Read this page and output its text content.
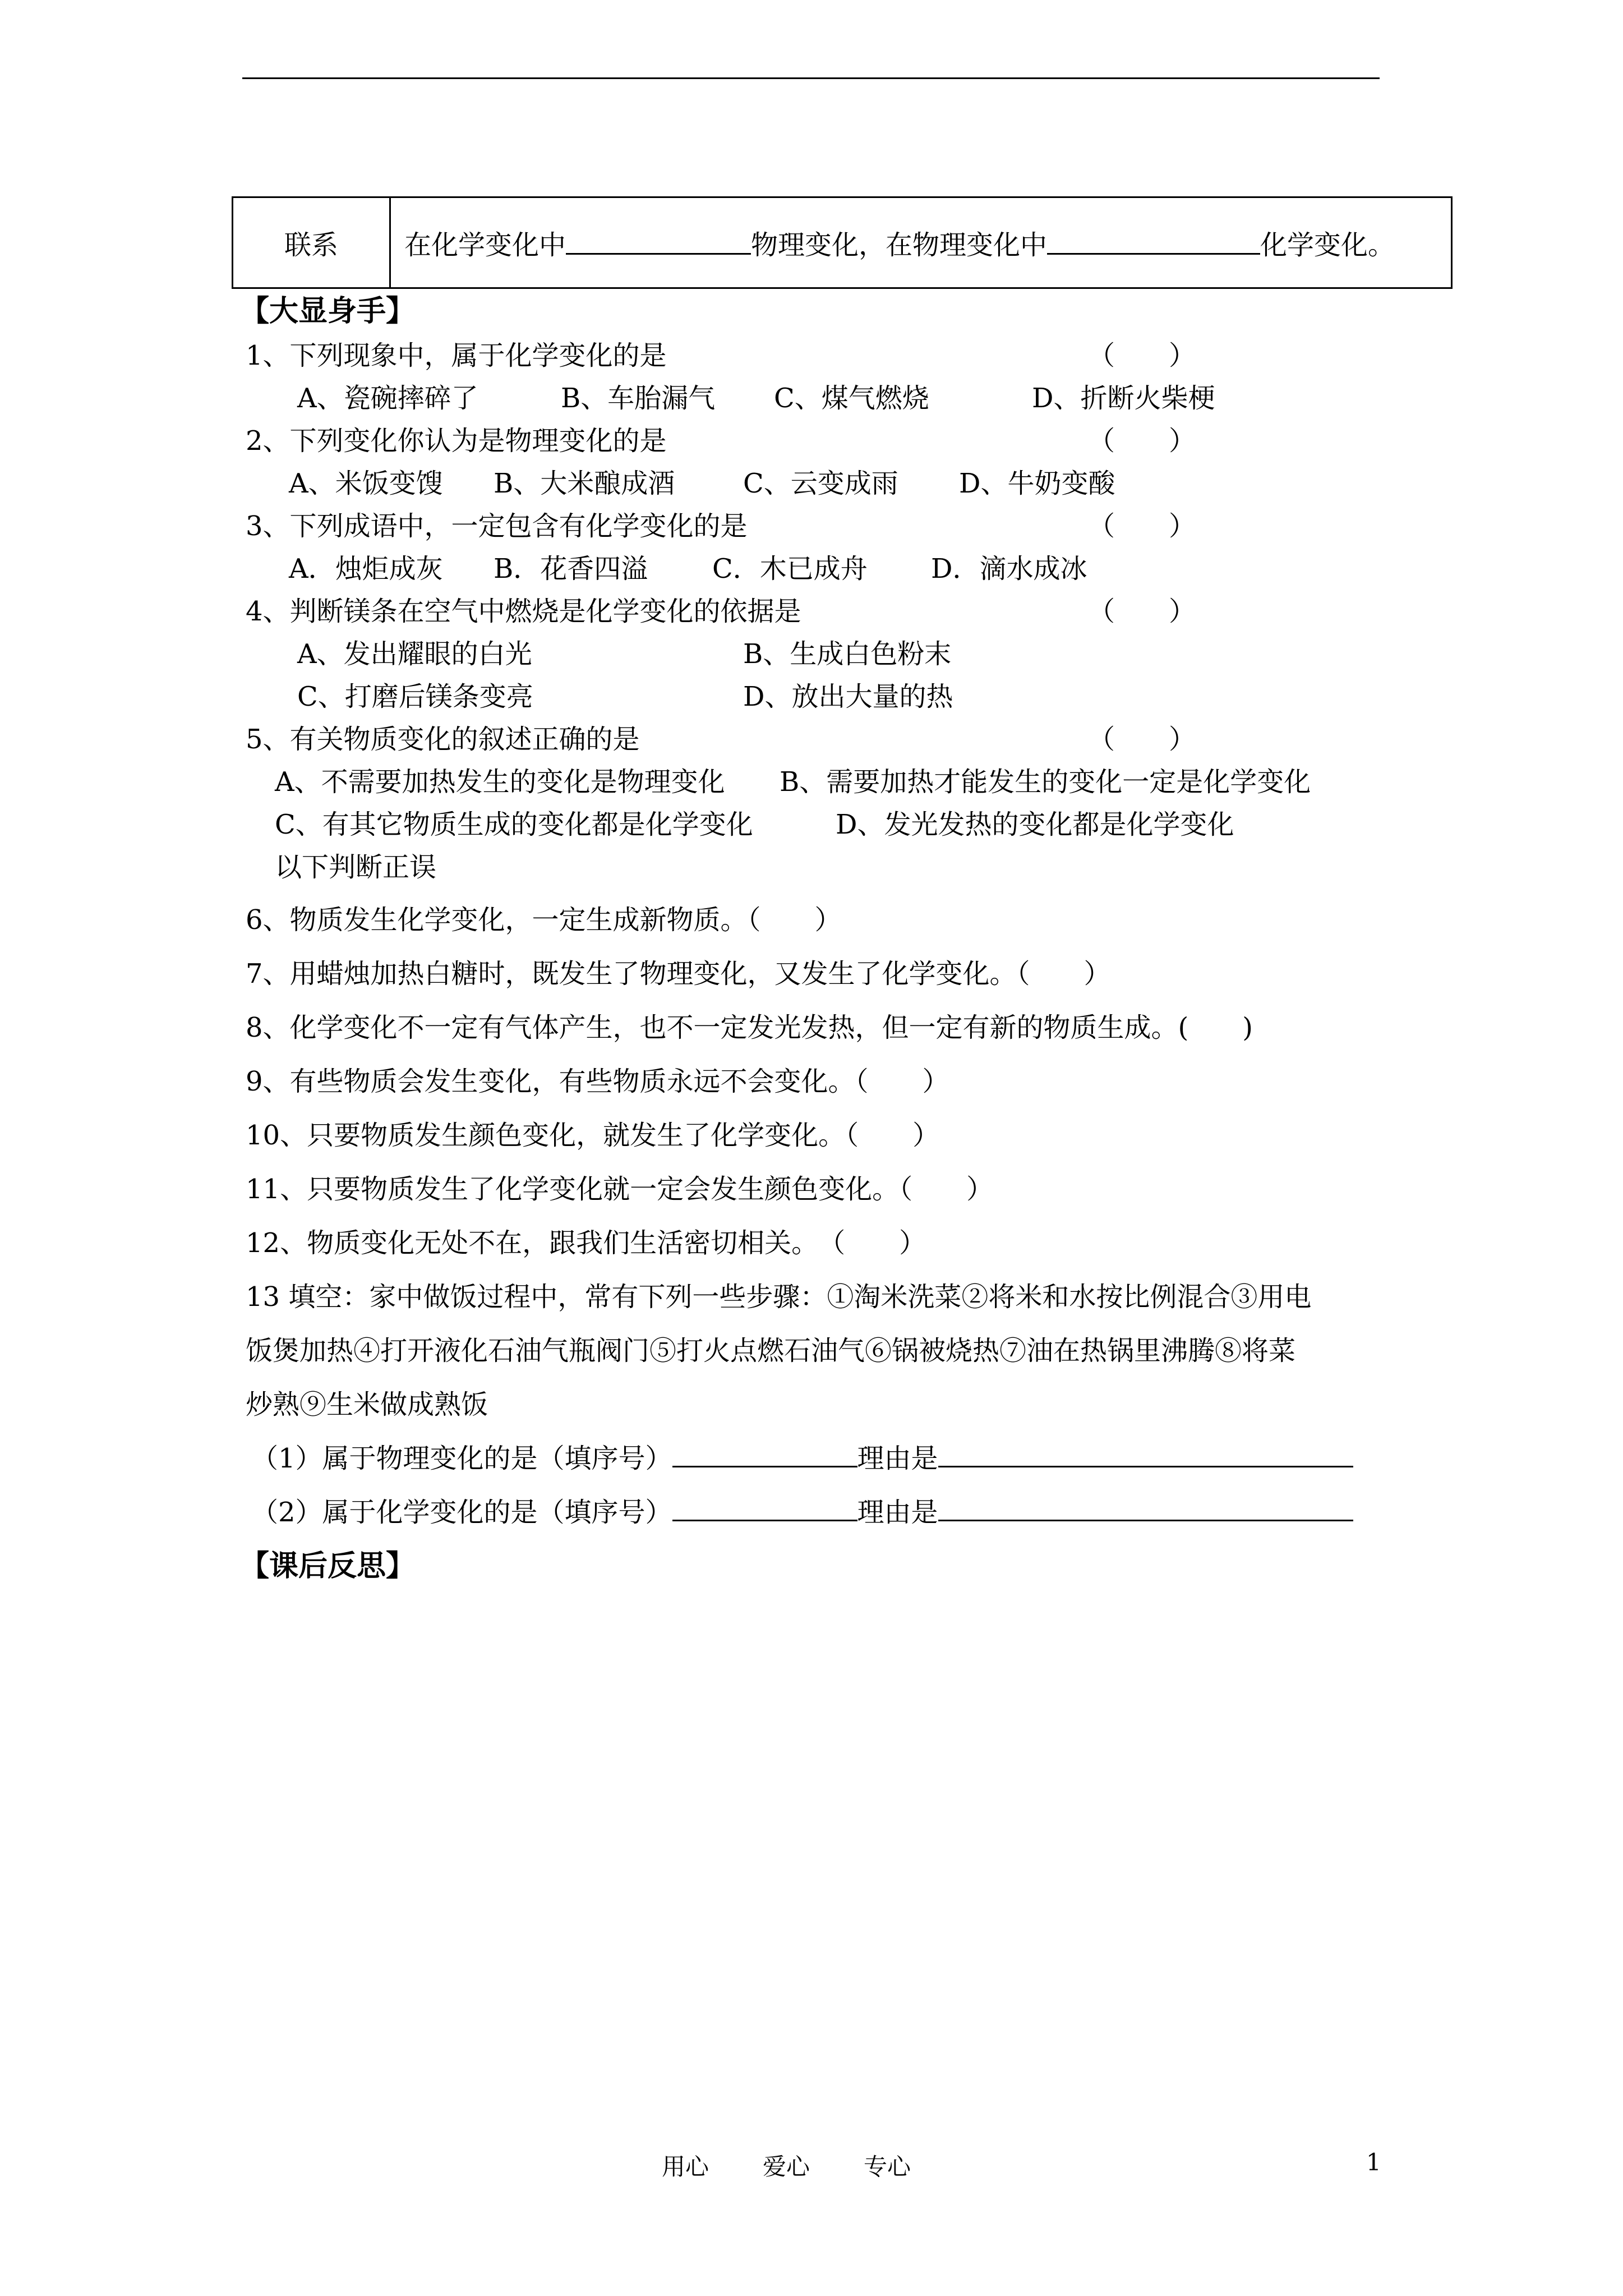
联系	在化学变化中	物理变化，在物理变化中	化学变化。
【大显身手】
1、下列现象中，属于化学变化的是	（　　）
A、瓷碗摔碎了	B、车胎漏气 C、煤气燃烧	D、折断火柴梗
2、下列变化你认为是物理变化的是	（　　）
A、米饭变馊 B、大米酿成酒	C、云变成雨 D、牛奶变酸
3、下列成语中，一定包含有化学变化的是	（　　）
A．烛炬成灰 B．花香四溢 C．木已成舟 D．滴水成冰
4、判断镁条在空气中燃烧是化学变化的依据是	（　　）
A、发出耀眼的白光	B、生成白色粉末
C、打磨后镁条变亮	D、放出大量的热
5、有关物质变化的叙述正确的是	（　　）
A、不需要加热发生的变化是物理变化 B、需要加热才能发生的变化一定是化学变化
C、有其它物质生成的变化都是化学变化	D、发光发热的变化都是化学变化
以下判断正误
6、物质发生化学变化，一定生成新物质。（　　）
7、用蜡烛加热白糖时，既发生了物理变化，又发生了化学变化。（　　）
8、化学变化不一定有气体产生，也不一定发光发热，但一定有新的物质生成。(　　)
9、有些物质会发生变化，有些物质永远不会变化。（　　）
10、只要物质发生颜色变化，就发生了化学变化。（　　）
11、只要物质发生了化学变化就一定会发生颜色变化。（　　）
12、物质变化无处不在，跟我们生活密切相关。　（　　）
13 填空：家中做饭过程中，常有下列一些步骤：①淘米洗菜②将米和水按比例混合③用电
饭煲加热④打开液化石油气瓶阀门⑤打火点燃石油气⑥锅被烧热⑦油在热锅里沸腾⑧将菜
炒熟⑨生米做成熟饭
（1）属于物理变化的是（填序号）	理由是
（2）属于化学变化的是（填序号）	理由是
【课后反思】
用心 爱心 专心	1
